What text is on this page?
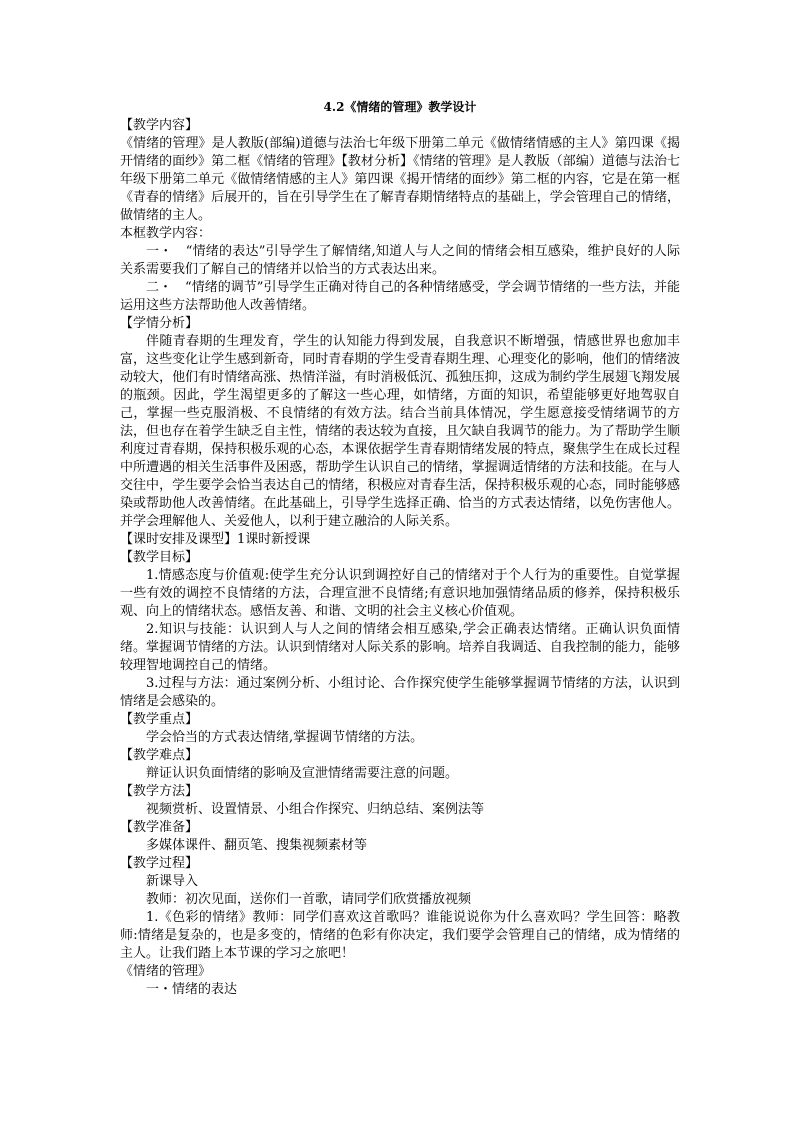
4.2《情绪的管理》教学设计

【教学内容】

《情绪的管理》是人教版(部编)道德与法治七年级下册第二单元《做情绪情感的主人》第四课《揭开情绪的面纱》第二框《情绪的管理》【教材分析】《情绪的管理》是人教版（部编）道德与法治七年级下册第二单元《做情绪情感的主人》第四课《揭开情绪的面纱》第二框的内容，它是在第一框《青春的情绪》后展开的，旨在引导学生在了解青春期情绪特点的基础上，学会管理自己的情绪，做情绪的主人。

本框教学内容：

一・　“情绪的表达”引导学生了解情绪,知道人与人之间的情绪会相互感染，维护良好的人际关系需要我们了解自己的情绪并以恰当的方式表达出来。

二・　“情绪的调节”引导学生正确对待自己的各种情绪感受，学会调节情绪的一些方法，并能运用这些方法帮助他人改善情绪。

【学情分析】

伴随青春期的生理发育，学生的认知能力得到发展，自我意识不断增强，情感世界也愈加丰富，这些变化让学生感到新奇，同时青春期的学生受青春期生理、心理变化的影响，他们的情绪波动较大，他们有时情绪高涨、热情洋溢，有时消极低沉、孤独压抑，这成为制约学生展翅飞翔发展的瓶颈。因此，学生渴望更多的了解这一些心理，如情绪，方面的知识，希望能够更好地驾驭自己，掌握一些克服消极、不良情绪的有效方法。结合当前具体情况，学生愿意接受情绪调节的方法，但也存在着学生缺乏自主性，情绪的表达较为直接，且欠缺自我调节的能力。为了帮助学生顺利度过青春期，保持积极乐观的心态，本课依据学生青春期情绪发展的特点，聚焦学生在成长过程中所遭遇的相关生活事件及困惑，帮助学生认识自己的情绪，掌握调适情绪的方法和技能。在与人交往中，学生要学会恰当表达自己的情绪，积极应对青春生活，保持积极乐观的心态，同时能够感染或帮助他人改善情绪。在此基础上，引导学生选择正确、恰当的方式表达情绪，以免伤害他人。并学会理解他人、关爱他人，以利于建立融洽的人际关系。

【课时安排及课型】1课时新授课

【教学目标】

1.情感态度与价值观:使学生充分认识到调控好自己的情绪对于个人行为的重要性。自觉掌握一些有效的调控不良情绪的方法，合理宣泄不良情绪;有意识地加强情绪品质的修养，保持积极乐观、向上的情绪状态。感悟友善、和谐、文明的社会主义核心价值观。

2.知识与技能：认识到人与人之间的情绪会相互感染,学会正确表达情绪。正确认识负面情绪。掌握调节情绪的方法。认识到情绪对人际关系的影响。培养自我调适、自我控制的能力，能够较理智地调控自己的情绪。

3.过程与方法：通过案例分析、小组讨论、合作探究使学生能够掌握调节情绪的方法，认识到情绪是会感染的。

【教学重点】

学会恰当的方式表达情绪,掌握调节情绪的方法。

【教学难点】

辩证认识负面情绪的影响及宣泄情绪需要注意的问题。

【教学方法】

视频赏析、设置情景、小组合作探究、归纳总结、案例法等

【教学准备】

多媒体课件、翻页笔、搜集视频素材等

【教学过程】

新课导入

教师：初次见面，送你们一首歌，请同学们欣赏播放视频

1.《色彩的情绪》教师：同学们喜欢这首歌吗？谁能说说你为什么喜欢吗？学生回答：略教师:情绪是复杂的，也是多变的，情绪的色彩有你决定，我们要学会管理自己的情绪，成为情绪的主人。让我们踏上本节课的学习之旅吧！

《情绪的管理》

一・情绪的表达
